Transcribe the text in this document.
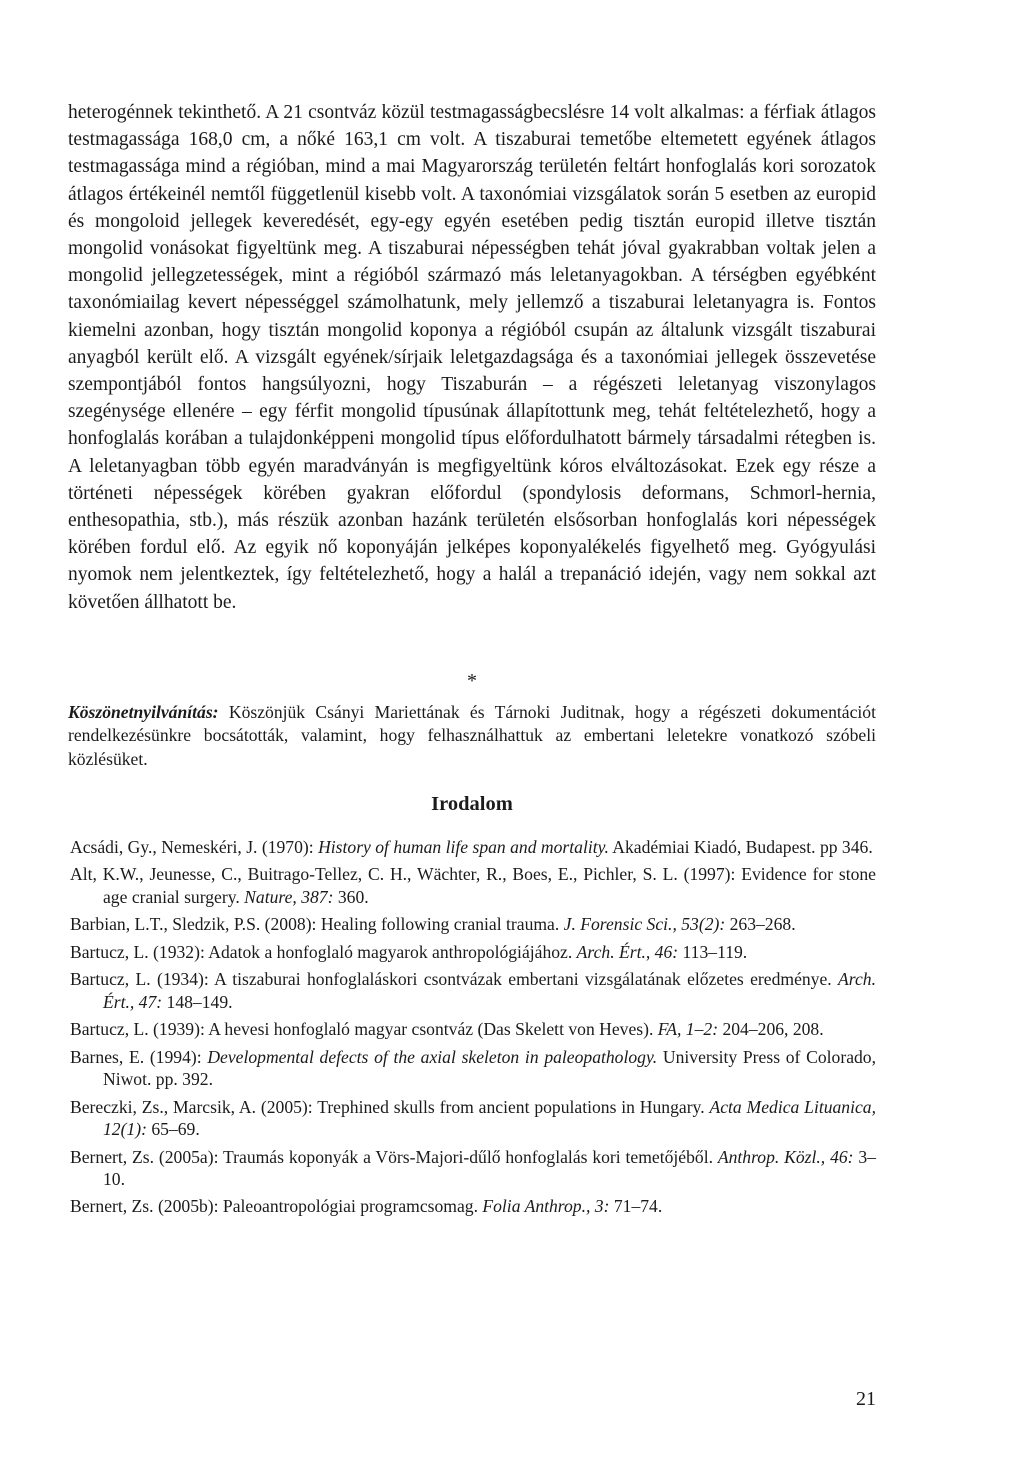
heterogénnek tekinthető. A 21 csontváz közül testmagasságbecslésre 14 volt alkalmas: a férfiak átlagos testmagassága 168,0 cm, a nőké 163,1 cm volt. A tiszaburai temetőbe eltemetett egyének átlagos testmagassága mind a régióban, mind a mai Magyarország területén feltárt honfoglalás kori sorozatok átlagos értékeinél nemtől függetlenül kisebb volt. A taxonómiai vizsgálatok során 5 esetben az europid és mongoloid jellegek keveredését, egy-egy egyén esetében pedig tisztán europid illetve tisztán mongolid vonásokat figyeltünk meg. A tiszaburai népességben tehát jóval gyakrabban voltak jelen a mongolid jellegzetességek, mint a régióból származó más leletanyagokban. A térségben egyébként taxonómiailag kevert népességgel számolhatunk, mely jellemző a tiszaburai leletanyagra is. Fontos kiemelni azonban, hogy tisztán mongolid koponya a régióból csupán az általunk vizsgált tiszaburai anyagból került elő. A vizsgált egyének/sírjaik leletgazdagsága és a taxonómiai jellegek összevetése szempontjából fontos hangsúlyozni, hogy Tiszaburán – a régészeti leletanyag viszonylagos szegénysége ellenére – egy férfit mongolid típusúnak állapítottunk meg, tehát feltételezhető, hogy a honfoglalás korában a tulajdonképpeni mongolid típus előfordulhatott bármely társadalmi rétegben is. A leletanyagban több egyén maradványán is megfigyeltünk kóros elváltozásokat. Ezek egy része a történeti népességek körében gyakran előfordul (spondylosis deformans, Schmorl-hernia, enthesopathia, stb.), más részük azonban hazánk területén elsősorban honfoglalás kori népességek körében fordul elő. Az egyik nő koponyáján jelképes koponyalékelés figyelhető meg. Gyógyulási nyomok nem jelentkeztek, így feltételezhető, hogy a halál a trepanáció idején, vagy nem sokkal azt követően állhatott be.

*

Köszönetnyilvánítás: Köszönjük Csányi Mariettának és Tárnoki Juditnak, hogy a régészeti dokumentációt rendelkezésünkre bocsátották, valamint, hogy felhasználhattuk az embertani leletekre vonatkozó szóbeli közlésüket.

Irodalom
Acsádi, Gy., Nemeskéri, J. (1970): History of human life span and mortality. Akadémiai Kiadó, Budapest. pp 346.
Alt, K.W., Jeunesse, C., Buitrago-Tellez, C. H., Wächter, R., Boes, E., Pichler, S. L. (1997): Evidence for stone age cranial surgery. Nature, 387: 360.
Barbian, L.T., Sledzik, P.S. (2008): Healing following cranial trauma. J. Forensic Sci., 53(2): 263–268.
Bartucz, L. (1932): Adatok a honfoglaló magyarok anthropológiájához. Arch. Ért., 46: 113–119.
Bartucz, L. (1934): A tiszaburai honfoglaláskori csontvázak embertani vizsgálatának előzetes eredménye. Arch. Ért., 47: 148–149.
Bartucz, L. (1939): A hevesi honfoglaló magyar csontváz (Das Skelett von Heves). FA, 1–2: 204–206, 208.
Barnes, E. (1994): Developmental defects of the axial skeleton in paleopathology. University Press of Colorado, Niwot. pp. 392.
Bereczki, Zs., Marcsik, A. (2005): Trephined skulls from ancient populations in Hungary. Acta Medica Lituanica, 12(1): 65–69.
Bernert, Zs. (2005a): Traumás koponyák a Vörs-Majori-dűlő honfoglalás kori temetőjéből. Anthrop. Közl., 46: 3–10.
Bernert, Zs. (2005b): Paleoantropológiai programcsomag. Folia Anthrop., 3: 71–74.
21
